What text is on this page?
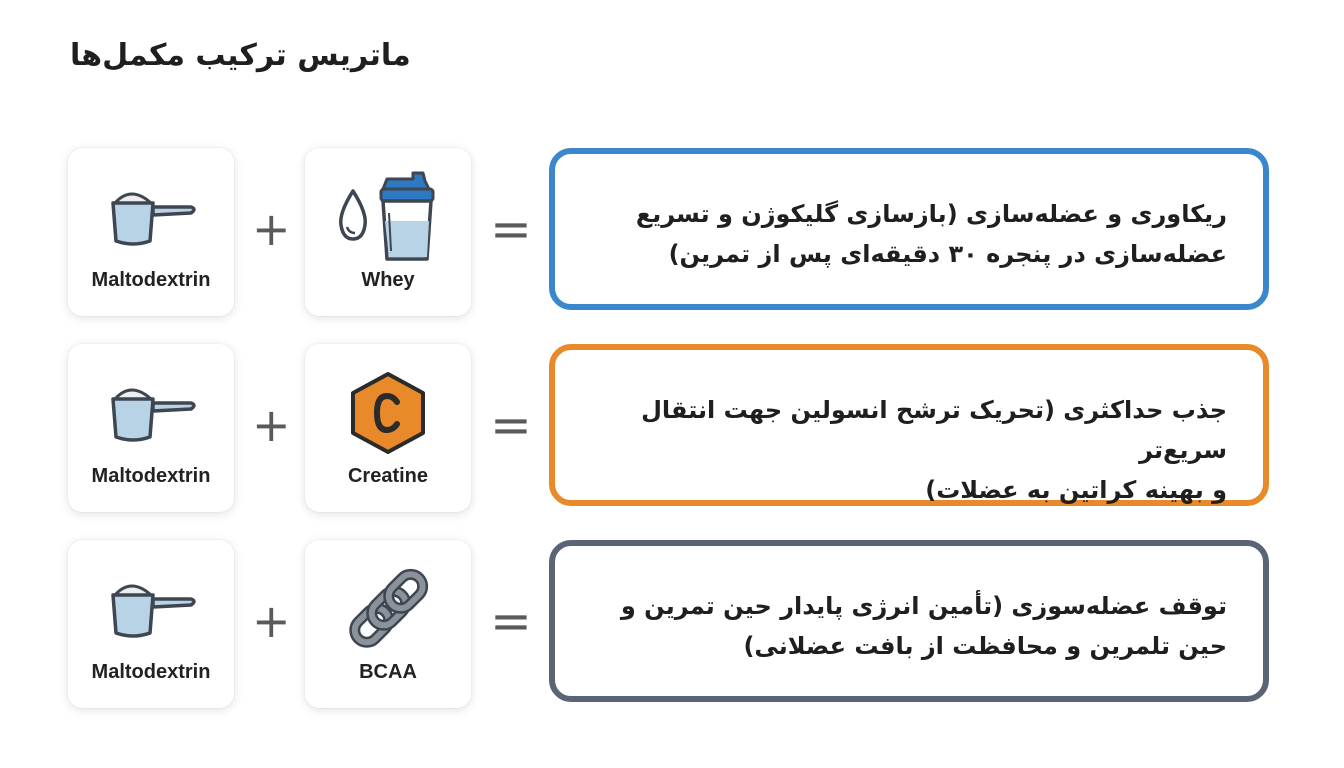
ماتریس ترکیب مکمل‌ها
Maltodextrin
+
Whey
=	ریکاوری و عضله‌سازی (بازسازی گلیکوژن و تسریع
عضله‌سازی در پنجره ۳۰ دقیقه‌ای پس از تمرین)
Maltodextrin
+
Creatine
=	جذب حداکثری (تحریک ترشح انسولین جهت انتقال سریع‌تر
و بهینه کراتین به عضلات)
Maltodextrin
+
BCAA
=	توقف عضله‌سوزی (تأمین انرژی پایدار حین تمرین و
حین تلمرین و محافظت از بافت عضلانی)
